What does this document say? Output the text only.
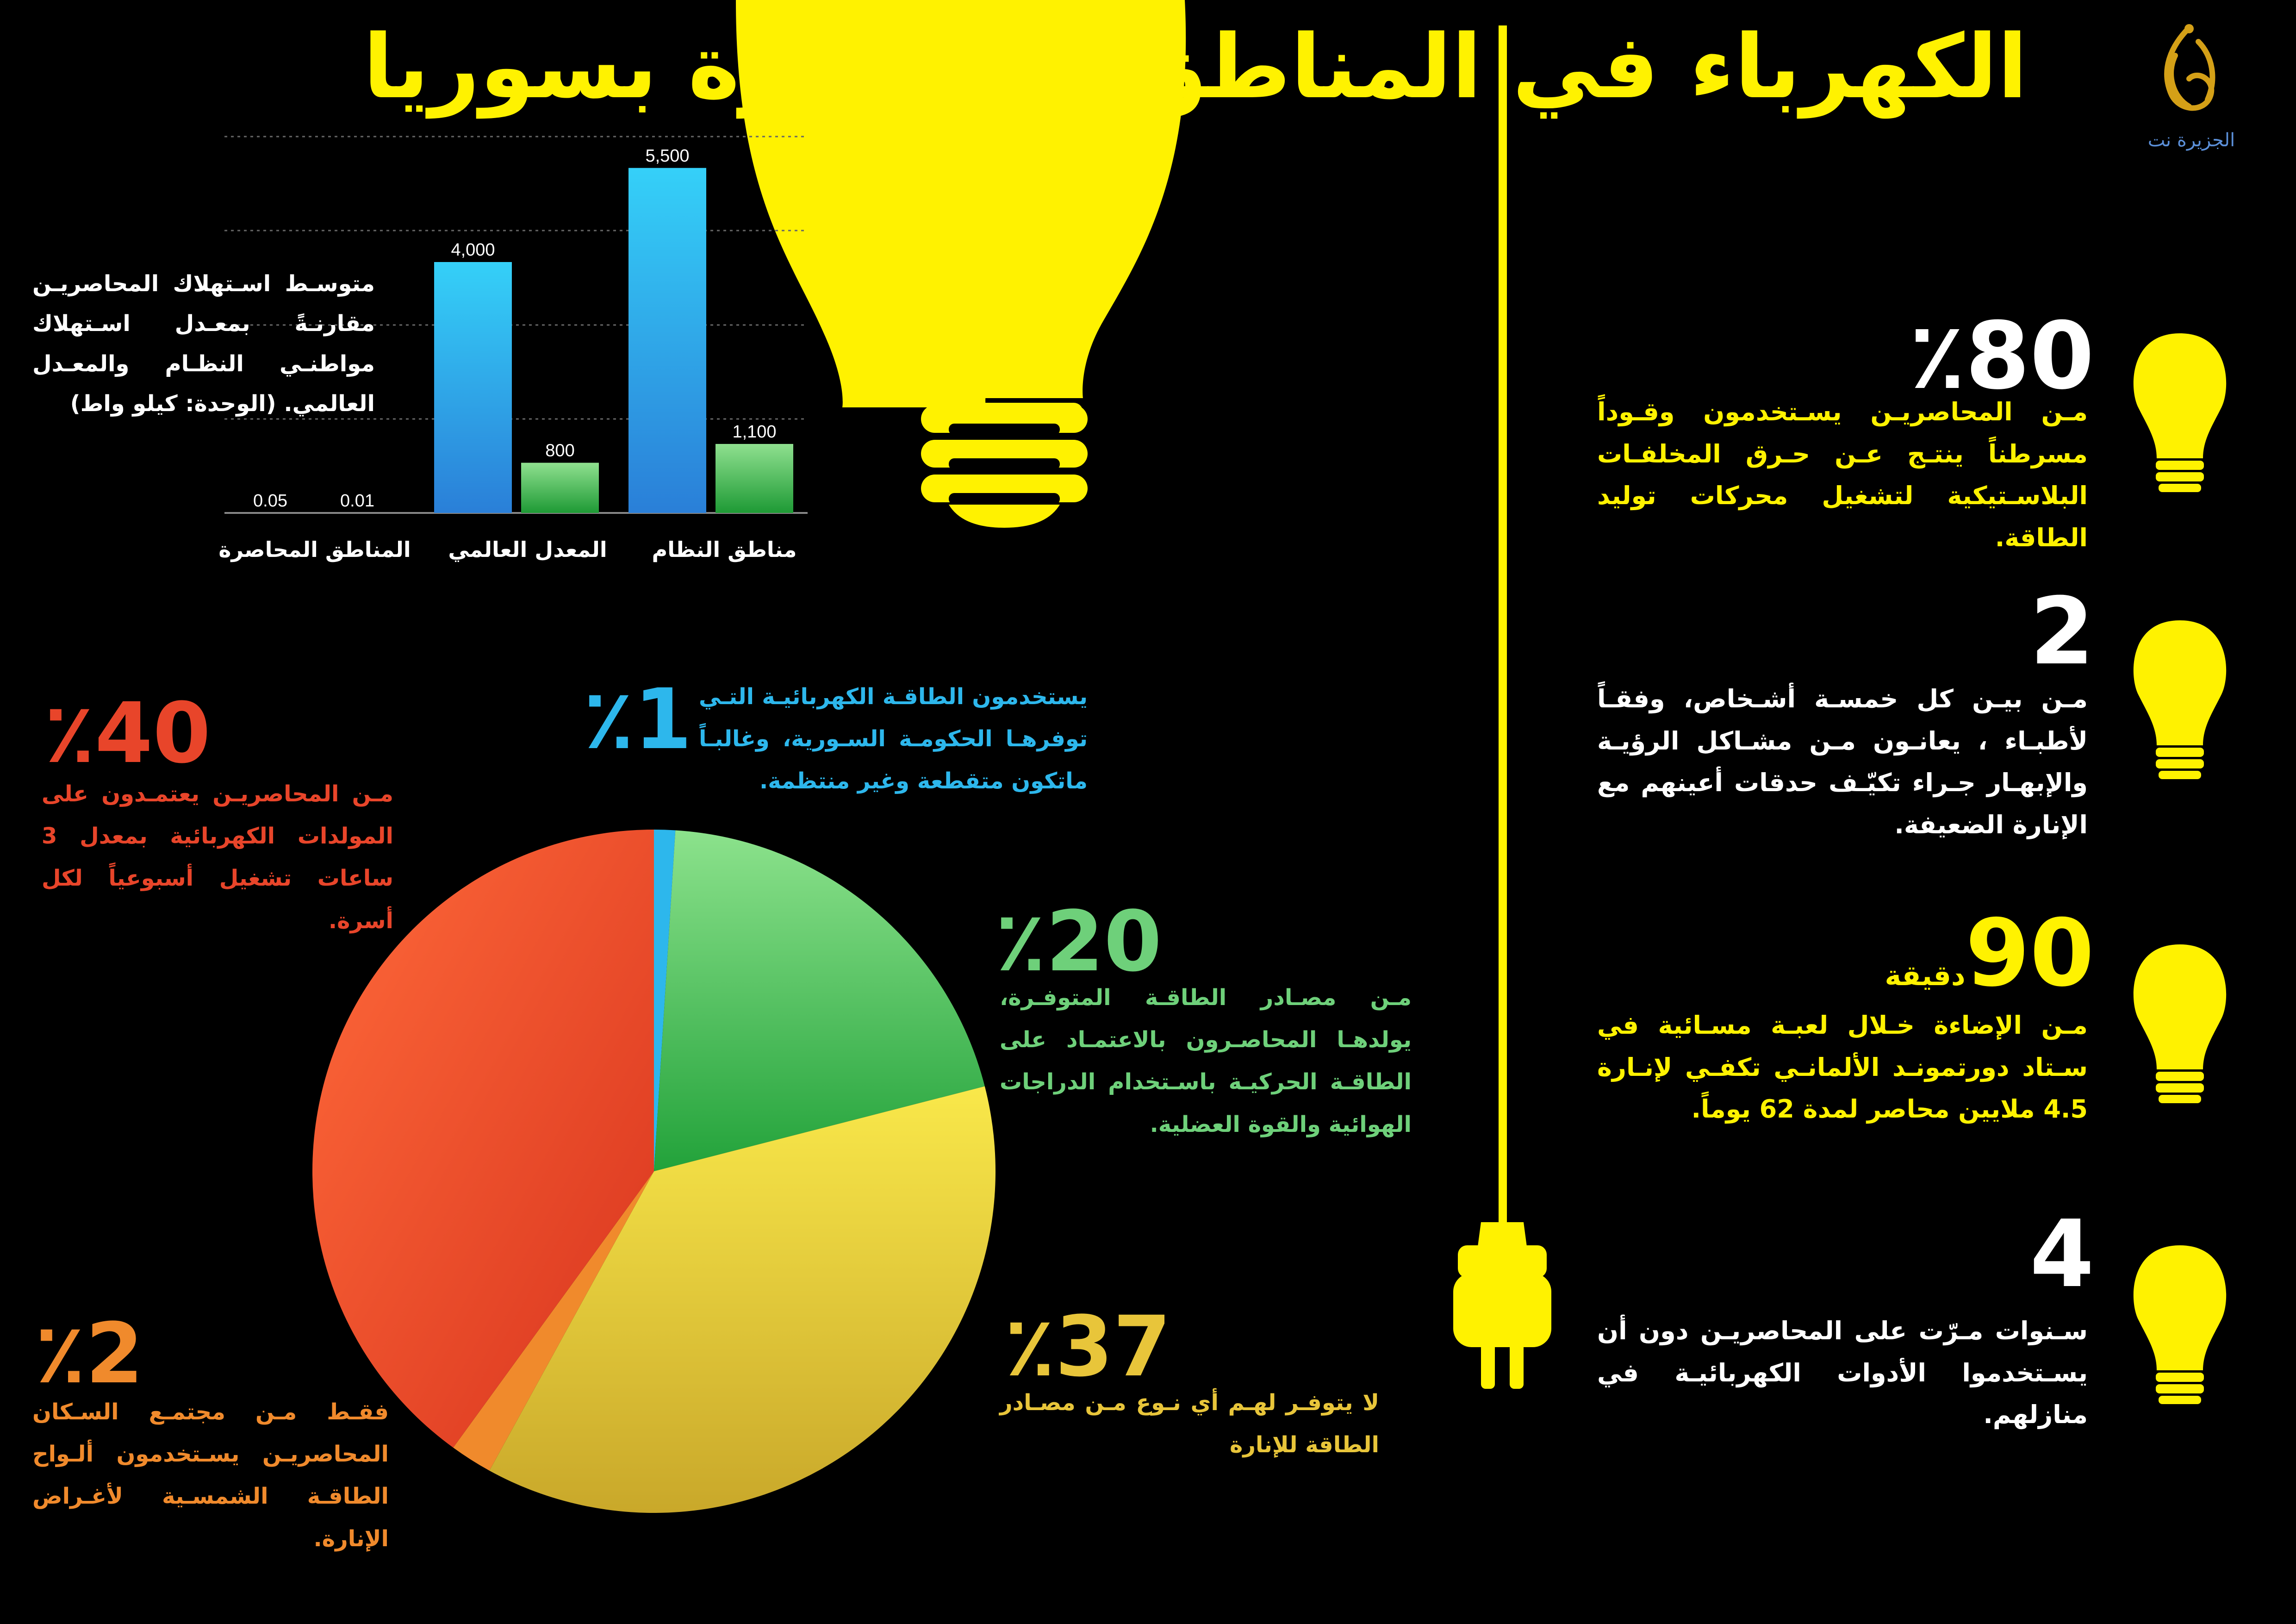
5,500
1,100
4,000
800
0.05	0.01
الجزيرة نت
الكهرباء في المناطق المحاصرة بسوريا
متوسـط اسـتهلاك المحاصريـن مقارنـةً بمعـدل اسـتهلاك مواطنـي النظـام والمعـدل العالمي. (الوحدة: كيلو واط)
مناطق النظام
المعدل العالمي
المناطق المحاصرة
٪80
مـن المحاصريـن يسـتخدمون وقـوداً مسرطناً ينتـج عـن حـرق المخلفـات البلاسـتيكية لتشغيل محركات توليد الطاقة.
2
مـن بيـن كل خمسـة أشـخاص، وفقـاً لأطبـاء ، يعانـون مـن مشـاكل الرؤيـة والإبهـار جـراء تكيّـف حدقات أعينهم مع الإنارة الضعيفة.
90دقيقة
مـن الإضاءة خـلال لعبـة مسـائية في سـتاد دورتمونـد الألمانـي تكفـي لإنـارة 4.5 ملايين محاصر لمدة 62 يوماً.
4
سـنوات مـرّت على المحاصريـن دون أن يسـتخدموا الأدوات الكهربائيـة في منازلهم.
٪1 يستخدمون الطاقـة الكهربائيـة التـي توفرهـا الحكومـة السـورية، وغالبـاً ماتكون متقطعة وغير منتظمة.
٪20
مـن مصـادر الطاقـة المتوفـرة، يولدهـا المحاصـرون بالاعتمـاد على الطاقـة الحركيـة باسـتخدام الدراجات الهوائية والقوة العضلية.
٪37
لا يتوفـر لهـم أي نـوع مـن مصـادر الطاقة للإنارة
٪40
مـن المحاصريـن يعتمـدون على المولدات الكهربائية بمعدل 3 ساعات تشغيل أسبوعياً لكل أسرة.
٪2
فقـط مـن مجتمـع السـكان المحاصريـن يسـتخدمون ألـواح الطاقـة الشمسـية لأغـراض الإنارة.
